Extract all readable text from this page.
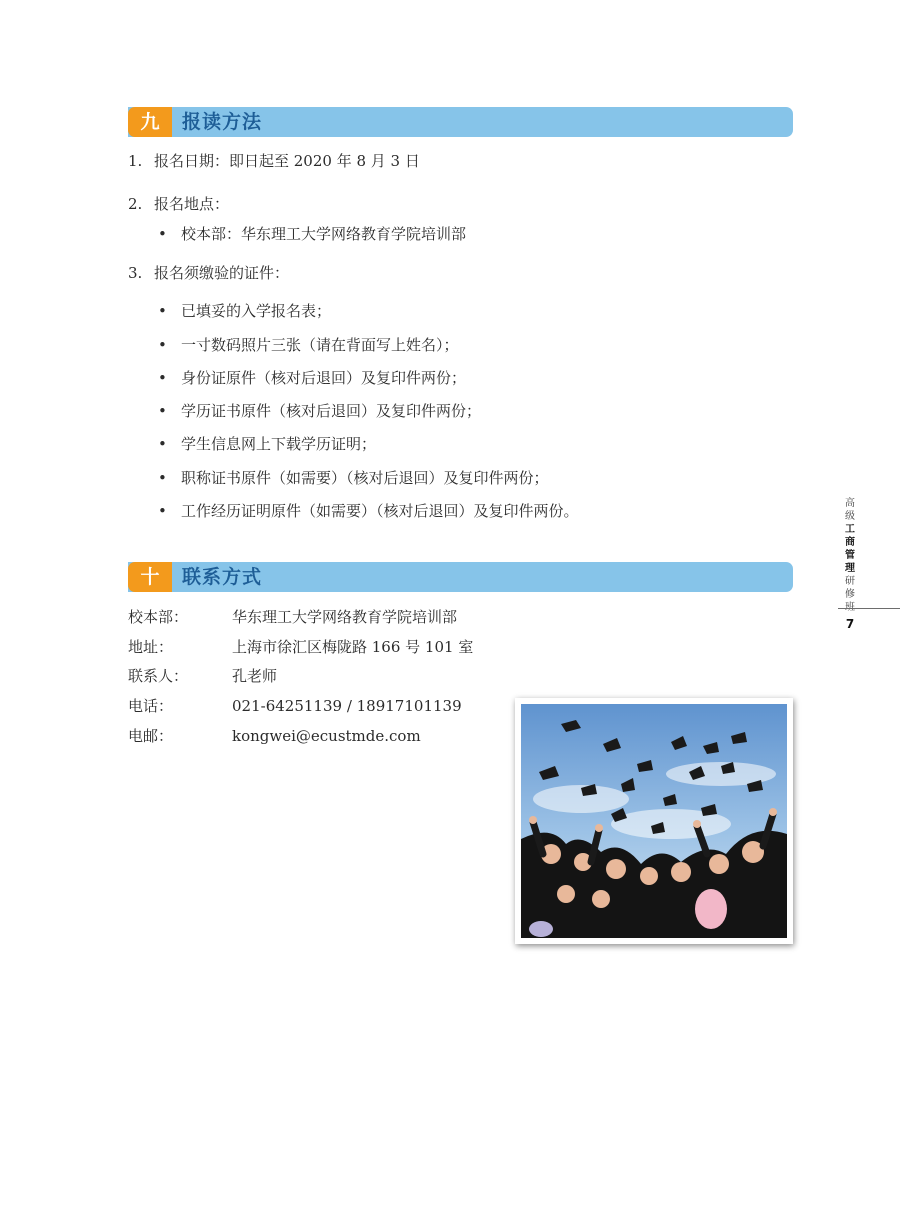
九	报读方法
1. 报名日期：即日起至 2020 年 8 月 3 日
2. 报名地点：
• 校本部：华东理工大学网络教育学院培训部
3. 报名须缴验的证件：
• 已填妥的入学报名表；
• 一寸数码照片三张（请在背面写上姓名）；
• 身份证原件（核对后退回）及复印件两份；
• 学历证书原件（核对后退回）及复印件两份；
• 学生信息网上下载学历证明；
• 职称证书原件（如需要）（核对后退回）及复印件两份；
• 工作经历证明原件（如需要）（核对后退回）及复印件两份。
十	联系方式
校本部：	华东理工大学网络教育学院培训部
地址：	上海市徐汇区梅陇路 166 号 101 室
联系人：	孔老师
电话：	021-64251139 / 18917101139
电邮：	kongwei@ecustmde.com
高
级
工
商
管
理
研
修
7
